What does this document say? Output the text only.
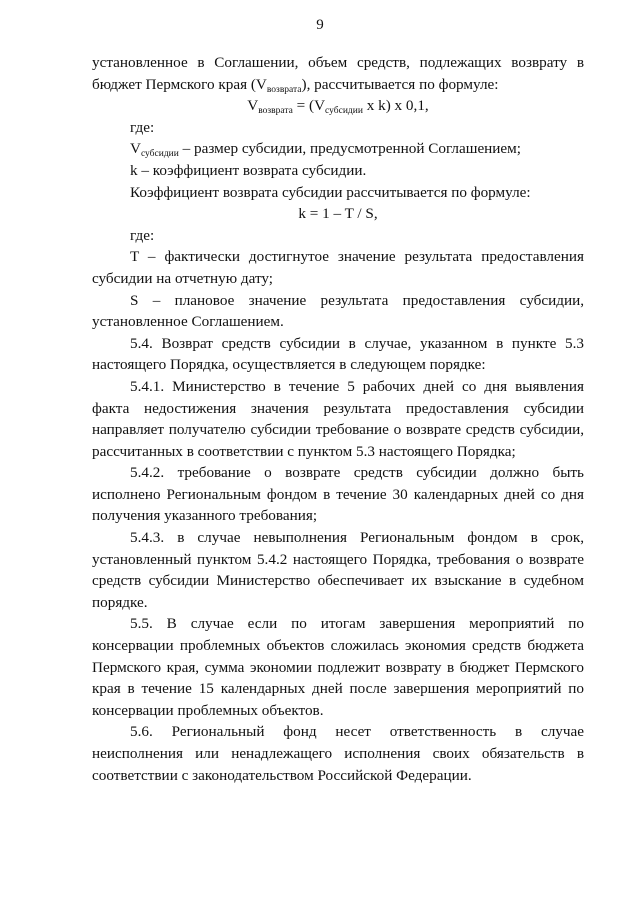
9

установленное в Соглашении, объем средств, подлежащих возврату в бюджет Пермского края $(V_{возврата})$, рассчитывается по формуле:

$V_{возврата} = (V_{субсидии}$ x k) x 0,1,

где:

$V_{субсидии}$ – размер субсидии, предусмотренной Соглашением;

k – коэффициент возврата субсидии.

Коэффициент возврата субсидии рассчитывается по формуле:

k = 1 – T / S,

где:

T – фактически достигнутое значение результата предоставления субсидии на отчетную дату;

S – плановое значение результата предоставления субсидии, установленное Соглашением.

5.4. Возврат средств субсидии в случае, указанном в пункте 5.3 настоящего Порядка, осуществляется в следующем порядке:

5.4.1. Министерство в течение 5 рабочих дней со дня выявления факта недостижения значения результата предоставления субсидии направляет получателю субсидии требование о возврате средств субсидии, рассчитанных в соответствии с пунктом 5.3 настоящего Порядка;

5.4.2. требование о возврате средств субсидии должно быть исполнено Региональным фондом в течение 30 календарных дней со дня получения указанного требования;

5.4.3. в случае невыполнения Региональным фондом в срок, установленный пунктом 5.4.2 настоящего Порядка, требования о возврате средств субсидии Министерство обеспечивает их взыскание в судебном порядке.

5.5. В случае если по итогам завершения мероприятий по консервации проблемных объектов сложилась экономия средств бюджета Пермского края, сумма экономии подлежит возврату в бюджет Пермского края в течение 15 календарных дней после завершения мероприятий по консервации проблемных объектов.

5.6. Региональный фонд несет ответственность в случае неисполнения или ненадлежащего исполнения своих обязательств в соответствии с законодательством Российской Федерации.
